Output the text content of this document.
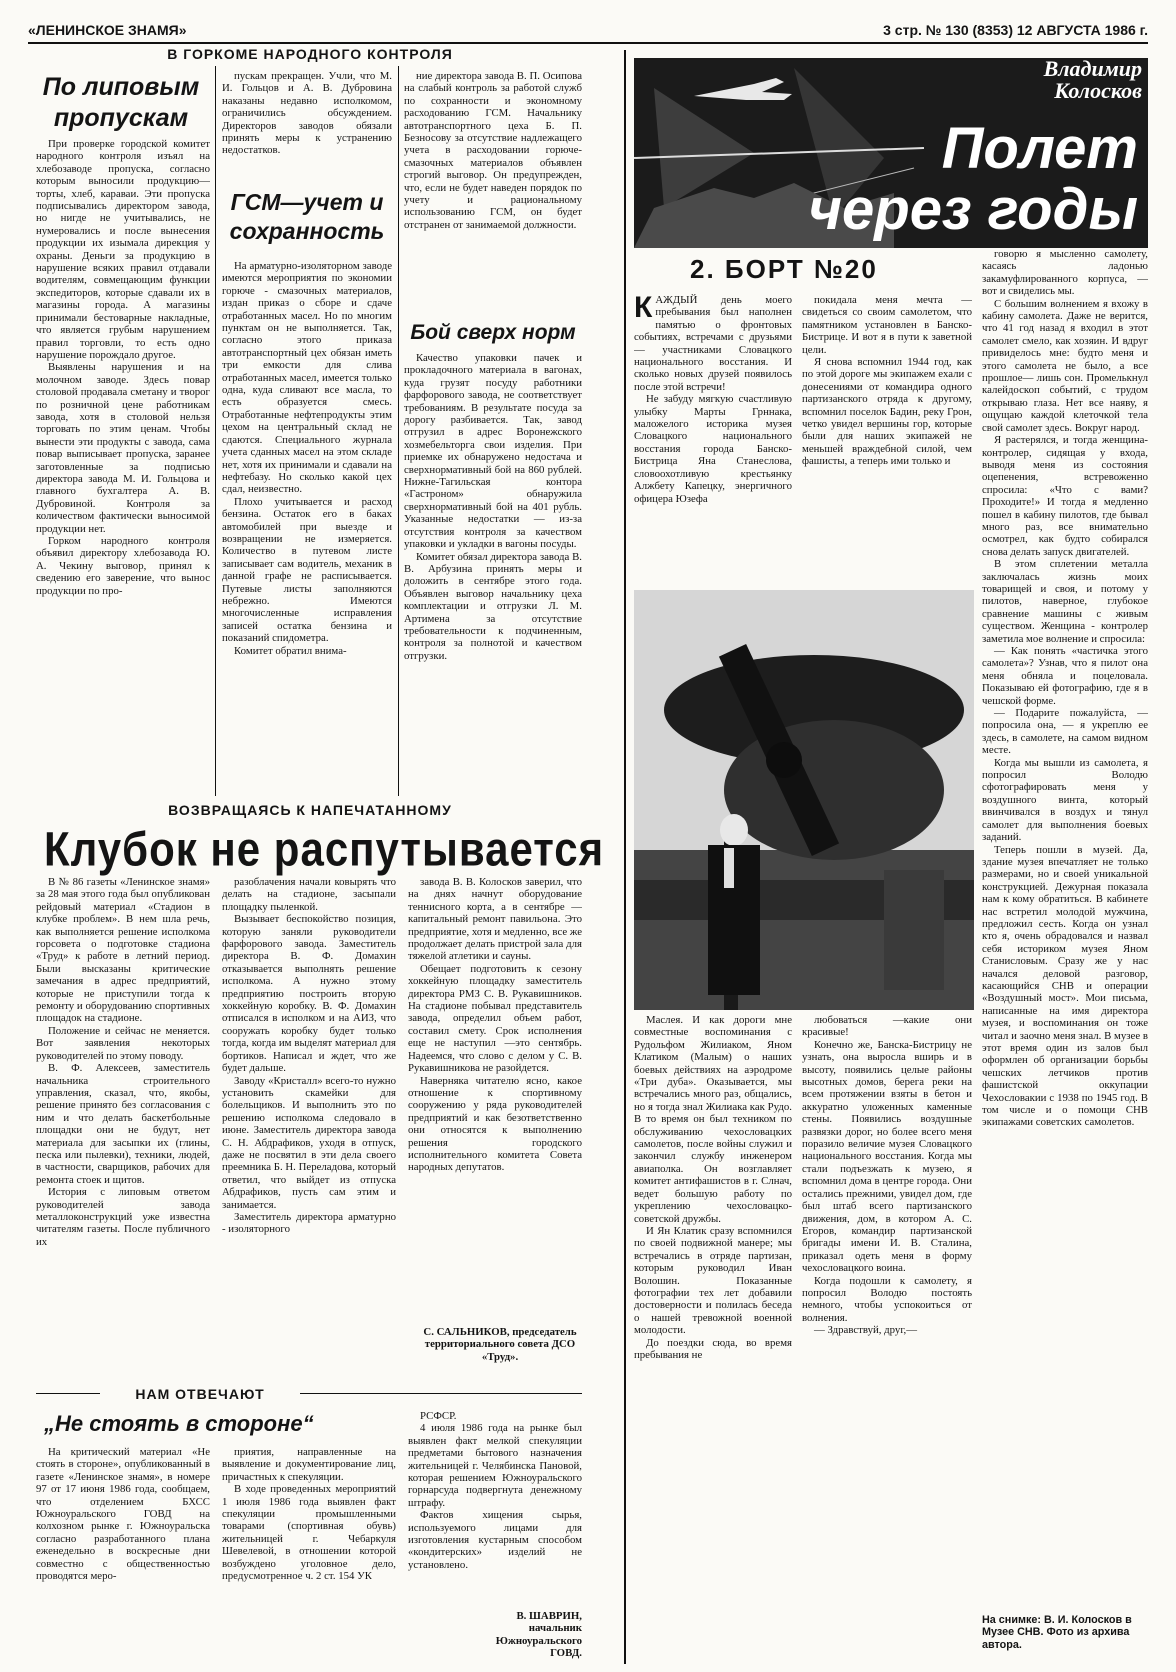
«ЛЕНИНСКОЕ ЗНАМЯ»	3 стр. № 130 (8353) 12 АВГУСТА 1986 г.
В ГОРКОМЕ НАРОДНОГО КОНТРОЛЯ
По липовым пропускам

При проверке городской комитет народного контроля изъял на хлебозаводе пропуска, согласно которым выносили продукцию— торты, хлеб, караваи. Эти пропуска подписывались директором завода, но нигде не учитывались, не нумеровались и после вынесения продукции их изымала дирекция у охраны. Деньги за продукцию в нарушение всяких правил отдавали водителям, совмещающим функции экспедиторов, которые сдавали их в магазины города. А магазины принимали бестоварные накладные, что является грубым нарушением правил торговли, то есть одно нарушение порождало другое.

Выявлены нарушения и на молочном заводе. Здесь повар столовой продавала сметану и творог по розничной цене работникам завода, хотя в столовой нельзя торговать по этим ценам. Чтобы вынести эти продукты с завода, сама повар выписывает пропуска, заранее заготовленные за подписью директора завода М. И. Гольцова и главного бухгалтера А. В. Дубровиной. Контроля за количеством фактически выносимой продукции нет.

Горком народного контроля объявил директору хлебозавода Ю. А. Чекину выговор, принял к сведению его заверение, что вынос продукции по про-

пускам прекращен. Учли, что М. И. Гольцов и А. В. Дубровина наказаны недавно исполкомом, ограничились обсуждением. Директоров заводов обязали принять меры к устранению недостатков.

ГСМ—учет и сохранность

На арматурно-изоляторном заводе имеются мероприятия по экономии горюче - смазочных материалов, издан приказ о сборе и сдаче отработанных масел. Но по многим пунктам он не выполняется. Так, согласно этого приказа автотранспортный цех обязан иметь три емкости для слива отработанных масел, имеется только одна, куда сливают все масла, то есть образуется смесь. Отработанные нефтепродукты этим цехом на центральный склад не сдаются. Специального журнала учета сданных масел на этом складе нет, хотя их принимали и сдавали на нефтебазу. Но сколько какой цех сдал, неизвестно.

Плохо учитывается и расход бензина. Остаток его в баках автомобилей при выезде и возвращении не измеряется. Количество в путевом листе записывает сам водитель, механик в данной графе не расписывается. Путевые листы заполняются небрежно. Имеются многочисленные исправления записей остатка бензина и показаний спидометра.

Комитет обратил внима-

ние директора завода В. П. Осипова на слабый контроль за работой служб по сохранности и экономному расходованию ГСМ. Начальнику автотранспортного цеха Б. П. Безносову за отсутствие надлежащего учета в расходовании горюче-смазочных материалов объявлен строгий выговор. Он предупрежден, что, если не будет наведен порядок по учету и рациональному использованию ГСМ, он будет отстранен от занимаемой должности.

Бой сверх норм

Качество упаковки пачек и прокладочного материала в вагонах, куда грузят посуду работники фарфорового завода, не соответствует требованиям. В результате посуда за дорогу разбивается. Так, завод отгрузил в адрес Воронежского хозмебельторга свои изделия. При приемке их обнаружено недостача и сверхнормативный бой на 860 рублей. Нижне-Тагильская контора «Гастроном» обнаружила сверхнормативный бой на 401 рубль. Указанные недостатки — из-за отсутствия контроля за качеством упаковки и укладки в вагоны посуды.

Комитет обязал директора завода В. В. Арбузина принять меры и доложить в сентябре этого года. Объявлен выговор начальнику цеха комплектации и отгрузки Л. М. Артимена за отсутствие требовательности к подчиненным, контроля за полнотой и качеством отгрузки.

ВОЗВРАЩАЯСЬ К НАПЕЧАТАННОМУ
Клубок не распутывается

В № 86 газеты «Ленинское знамя» за 28 мая этого года был опубликован рейдовый материал «Стадион в клубке проблем». В нем шла речь, как выполняется решение исполкома горсовета о подготовке стадиона «Труд» к работе в летний период. Были высказаны критические замечания в адрес предприятий, которые не приступили тогда к ремонту и оборудованию спортивных площадок на стадионе.

Положение и сейчас не меняется. Вот заявления некоторых руководителей по этому поводу.

В. Ф. Алексеев, заместитель начальника строительного управления, сказал, что, якобы, решение принято без согласования с ним и что делать баскетбольные площадки они не будут, нет материала для засыпки их (глины, песка или пылевки), техники, людей, в частности, сварщиков, рабочих для ремонта стоек и щитов.

История с липовым ответом руководителей завода металлоконструкций уже известна читателям газеты. После публичного их

разоблачения начали ковырять что делать на стадионе, засыпали площадку пыленкой.

Вызывает беспокойство позиция, которую заняли руководители фарфорового завода. Заместитель директора В. Ф. Домахин отказывается выполнять решение исполкома. А нужно этому предприятию построить вторую хоккейную коробку. В. Ф. Домахин отписался в исполком и на АИЗ, что сооружать коробку будет только тогда, когда им выделят материал для бортиков. Написал и ждет, что же будет дальше.

Заводу «Кристалл» всего-то нужно установить скамейки для болельщиков. И выполнить это по решению исполкома следовало в июне. Заместитель директора завода С. Н. Абдрафиков, уходя в отпуск, даже не посвятил в эти дела своего преемника Б. Н. Переладова, который ответил, что выйдет из отпуска Абдрафиков, пусть сам этим и занимается.

Заместитель директора арматурно - изоляторного

завода В. В. Колосков заверил, что на днях начнут оборудование теннисного корта, а в сентябре —капитальный ремонт павильона. Это предприятие, хотя и медленно, все же продолжает делать пристрой зала для тяжелой атлетики и сауны.

Обещает подготовить к сезону хоккейную площадку заместитель директора РМЗ С. В. Рукавишников. На стадионе побывал представитель завода, определил объем работ, составил смету. Срок исполнения еще не наступил —это сентябрь. Надеемся, что слово с делом у С. В. Рукавишникова не разойдется.

Наверняка читателю ясно, какое отношение к спортивному сооружению у ряда руководителей предприятий и как безответственно они относятся к выполнению решения городского исполнительного комитета Совета народных депутатов.

С. САЛЬНИКОВ, председатель территориального совета ДСО «Труд».
НАМ ОТВЕЧАЮТ
„Не стоять в стороне“

На критический материал «Не стоять в стороне», опубликованный в газете «Ленинское знамя», в номере 97 от 17 июня 1986 года, сообщаем, что отделением БХСС Южноуральского ГОВД на колхозном рынке г. Южноуральска согласно разработанного плана еженедельно в воскресные дни совместно с общественностью проводятся меро-

приятия, направленные на выявление и документирование лиц, причастных к спекуляции.

В ходе проведенных мероприятий 1 июля 1986 года выявлен факт спекуляции промышленными товарами (спортивная обувь) жительницей г. Чебаркуля Шевелевой, в отношении которой возбуждено уголовное дело, предусмотренное ч. 2 ст. 154 УК

РСФСР.

4 июля 1986 года на рынке был выявлен факт мелкой спекуляции предметами бытового назначения жительницей г. Челябинска Пановой, которая решением Южноуральского горнарсуда подвергнута денежному штрафу.

Фактов хищения сырья, используемого лицами для изготовления кустарным способом «кондитерских» изделий не установлено.

В. ШАВРИН, начальник Южноуральского ГОВД.
Владимир Колосков
Полет
через годы
2. БОРТ №20

КАЖДЫЙ день моего пребывания был наполнен памятью о фронтовых событиях, встречами с друзьями — участниками Словацкого национального восстания. И сколько новых друзей появилось после этой встречи!

Не забуду мягкую счастливую улыбку Марты Грннака, маложелого историка музея Словацкого национального восстания города Банско-Бистрица Яна Станеслова, словоохотливую крестьянку Алжбету Капецку, энергичного офицера Юзефа

покидала меня мечта — свидеться со своим самолетом, что памятником установлен в Банско-Бистрице. И вот я в пути к заветной цели.

Я снова вспомнил 1944 год, как по этой дороге мы экипажем ехали с донесениями от командира одного партизанского отряда к другому, вспомнил поселок Бадин, реку Грон, четко увидел вершины гор, которые были для наших экипажей не меньшей враждебной силой, чем фашисты, а теперь ими только и

говорю я мысленно самолету, касаясь ладонью закамуфлированного корпуса, — вот и свиделись мы.

С большим волнением я вхожу в кабину самолета. Даже не верится, что 41 год назад я входил в этот самолет смело, как хозяин. И вдруг привиделось мне: будто меня и этого самолета не было, а все прошлое— лишь сон. Промелькнул калейдоскоп событий, с трудом открываю глаза. Нет все наяву, я ощущаю каждой клеточкой тела свой самолет здесь. Вокруг народ.

Я растерялся, и тогда женщина-контролер, сидящая у входа, выводя меня из состояния оцепенения, встревоженно спросила: «Что с вами? Проходите!» И тогда я медленно пошел в кабину пилотов, где бывал много раз, все внимательно осмотрел, как будто собирался снова делать запуск двигателей.

В этом сплетении металла заключалась жизнь моих товарищей и своя, и потому у пилотов, наверное, глубокое сравнение машины с живым существом. Женщина - контролер заметила мое волнение и спросила:

— Как понять «частичка этого самолета»? Узнав, что я пилот она меня обняла и поцеловала. Показываю ей фотографию, где я в чешской форме.

— Подарите пожалуйста, — попросила она, — я укреплю ее здесь, в самолете, на самом видном месте.

Когда мы вышли из самолета, я попросил Володю сфотографировать меня у воздушного винта, который ввинчивался в воздух и тянул самолет для выполнения боевых заданий.

Теперь пошли в музей. Да, здание музея впечатляет не только размерами, но и своей уникальной конструкцией. Дежурная показала нам к кому обратиться. В кабинете нас встретил молодой мужчина, предложил сесть. Когда он узнал кто я, очень обрадовался и назвал себя историком музея Яном Станисловым. Сразу же у нас начался деловой разговор, касающийся СНВ и операции «Воздушный мост». Мои письма, написанные на имя директора музея, и воспоминания он тоже читал и заочно меня знал. В музее в этот время один из залов был оформлен об организации борьбы чешских летчиков против фашистской оккупации Чехословакии с 1938 по 1945 год. В том числе и о помощи СНВ экипажами советских самолетов.

Маслея. И как дороги мне совместные воспоминания с Рудольфом Жилиаком, Яном Клатиком (Малым) о наших боевых действиях на аэродроме «Три дуба». Оказывается, мы встречались много раз, общались, но я тогда знал Жилиака как Рудо. В то время он был техником по обслуживанию чехословацких самолетов, после войны служил и закончил службу инженером авиаполка. Он возглавляет комитет антифашистов в г. Слнач, ведет большую работу по укреплению чехословацко-советской дружбы.

И Ян Клатик сразу вспомнился по своей подвижной манере; мы встречались в отряде партизан, которым руководил Иван Волошин. Показанные фотографии тех лет добавили достоверности и полилась беседа о нашей тревожной военной молодости.

До поездки сюда, во время пребывания не

любоваться —какие они красивые!

Конечно же, Банска-Бистрицу не узнать, она выросла вширь и в высоту, появились целые районы высотных домов, берега реки на всем протяжении взяты в бетон и аккуратно уложенных каменные стены. Появились воздушные развязки дорог, но более всего меня поразило величие музея Словацкого национального восстания. Когда мы стали подъезжать к музею, я вспомнил дома в центре города. Они остались прежними, увидел дом, где был штаб всего партизанского движения, дом, в котором А. С. Егоров, командир партизанской бригады имени И. В. Сталина, приказал одеть меня в форму чехословацкого воина.

Когда подошли к самолету, я попросил Володю постоять немного, чтобы успокоиться от волнения.

— Здравствуй, друг,—

На снимке: В. И. Колосков в Музее СНВ. Фото из архива автора.
